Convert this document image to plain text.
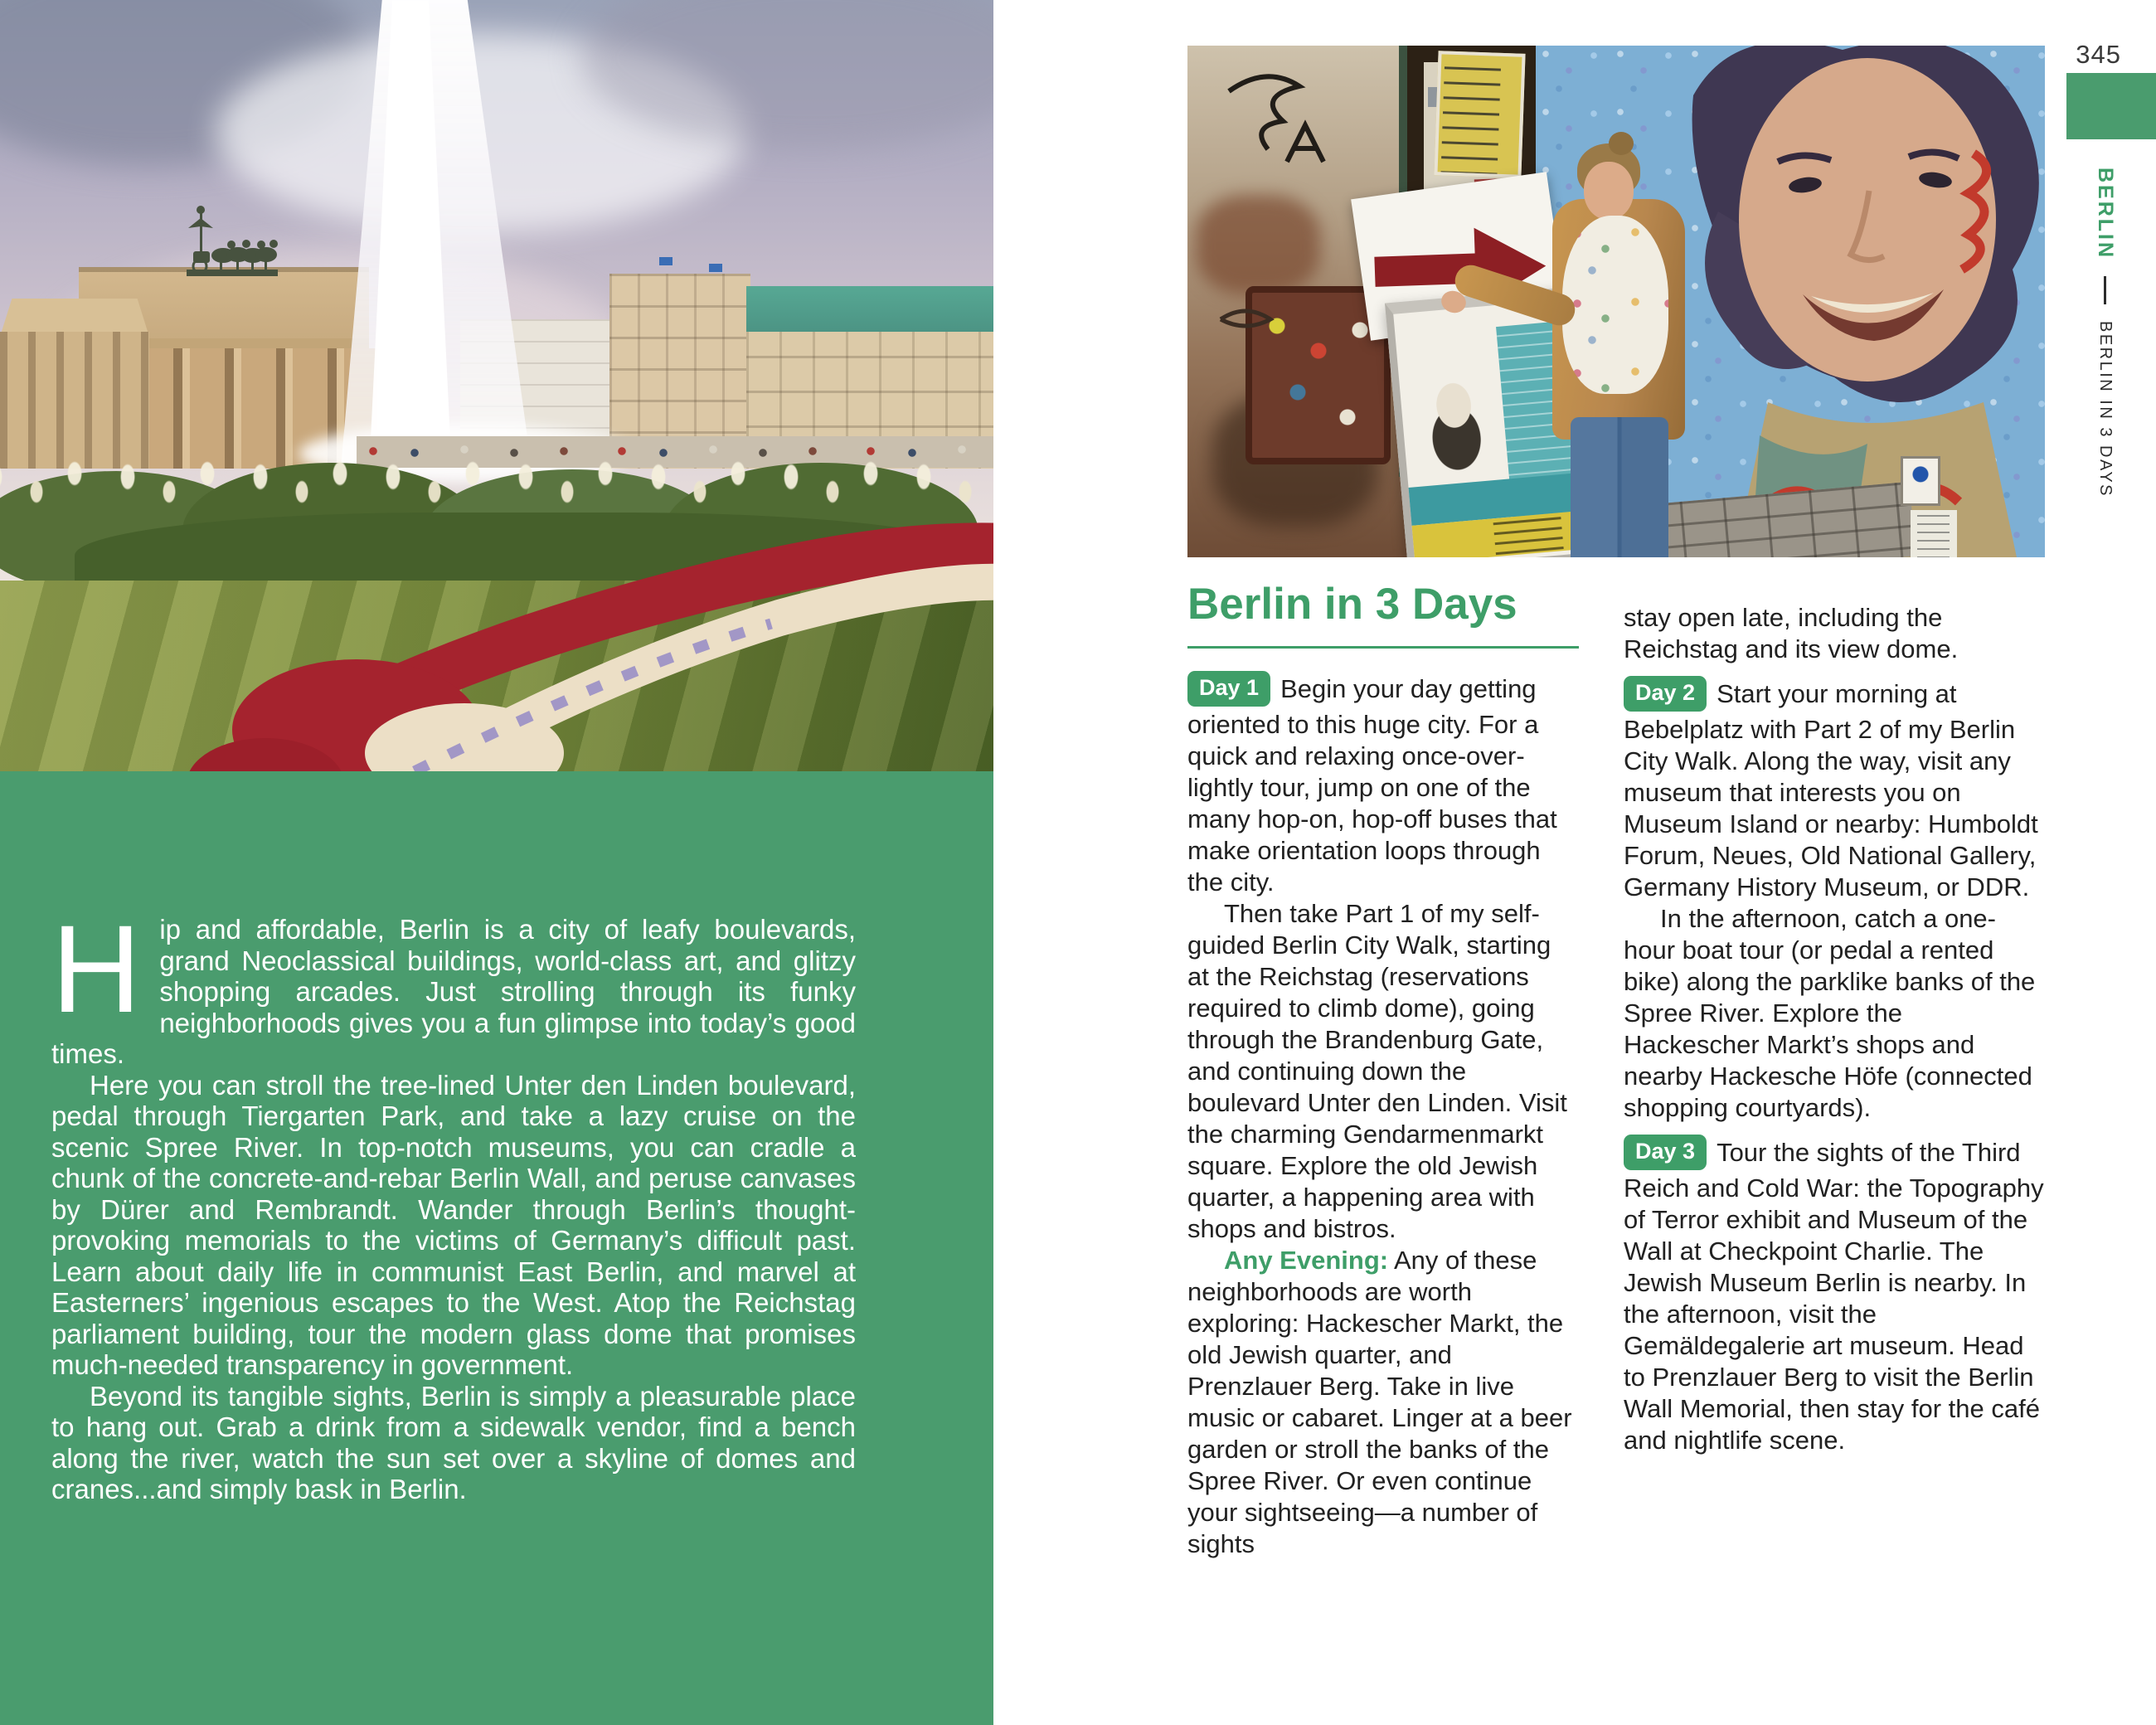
Hip and affordable, Berlin is a city of leafy boulevards, grand Neoclassical buildings, world-class art, and glitzy shopping arcades. Just strolling through its funky neighborhoods gives you a fun glimpse into today’s good times.

Here you can stroll the tree-lined Unter den Linden boulevard, pedal through Tiergarten Park, and take a lazy cruise on the scenic Spree River. In top-notch museums, you can cradle a chunk of the concrete-and-rebar Berlin Wall, and peruse canvases by Dürer and Rembrandt. Wander through Berlin’s thought-provoking memorials to the victims of Germany’s difficult past. Learn about daily life in communist East Berlin, and marvel at Easterners’ ingenious escapes to the West. Atop the Reichstag parliament building, tour the modern glass dome that promises much-needed transparency in government.

Beyond its tangible sights, Berlin is simply a pleasurable place to hang out. Grab a drink from a sidewalk vendor, find a bench along the river, watch the sun set over a skyline of domes and cranes...and simply bask in Berlin.

345
Berlin in 3 Days

Day 1 Begin your day getting oriented to this huge city. For a quick and relaxing once-over-lightly tour, jump on one of the many hop-on, hop-off buses that make orientation loops through the city.

Then take Part 1 of my self-guided Berlin City Walk, starting at the Reichstag (reservations required to climb dome), going through the Brandenburg Gate, and continuing down the boulevard Unter den Linden. Visit the charming Gendarmenmarkt square. Explore the old Jewish quarter, a happening area with shops and bistros.

Any Evening: Any of these neighborhoods are worth exploring: Hackescher Markt, the old Jewish quarter, and Prenzlauer Berg. Take in live music or cabaret. Linger at a beer garden or stroll the banks of the Spree River. Or even continue your sightseeing—a number of sights

stay open late, including the Reichstag and its view dome.

Day 2 Start your morning at Bebelplatz with Part 2 of my Berlin City Walk. Along the way, visit any museum that interests you on Museum Island or nearby: Humboldt Forum, Neues, Old National Gallery, Germany History Museum, or DDR.

In the afternoon, catch a one-hour boat tour (or pedal a rented bike) along the parklike banks of the Spree River. Explore the Hackescher Markt’s shops and nearby Hackesche Höfe (connected shopping courtyards).

Day 3 Tour the sights of the Third Reich and Cold War: the Topography of Terror exhibit and Museum of the Wall at Checkpoint Charlie. The Jewish Museum Berlin is nearby. In the afternoon, visit the Gemäldegalerie art museum. Head to Prenzlauer Berg to visit the Berlin Wall Memorial, then stay for the café and nightlife scene.

BERLIN
BERLIN IN 3 DAYS
